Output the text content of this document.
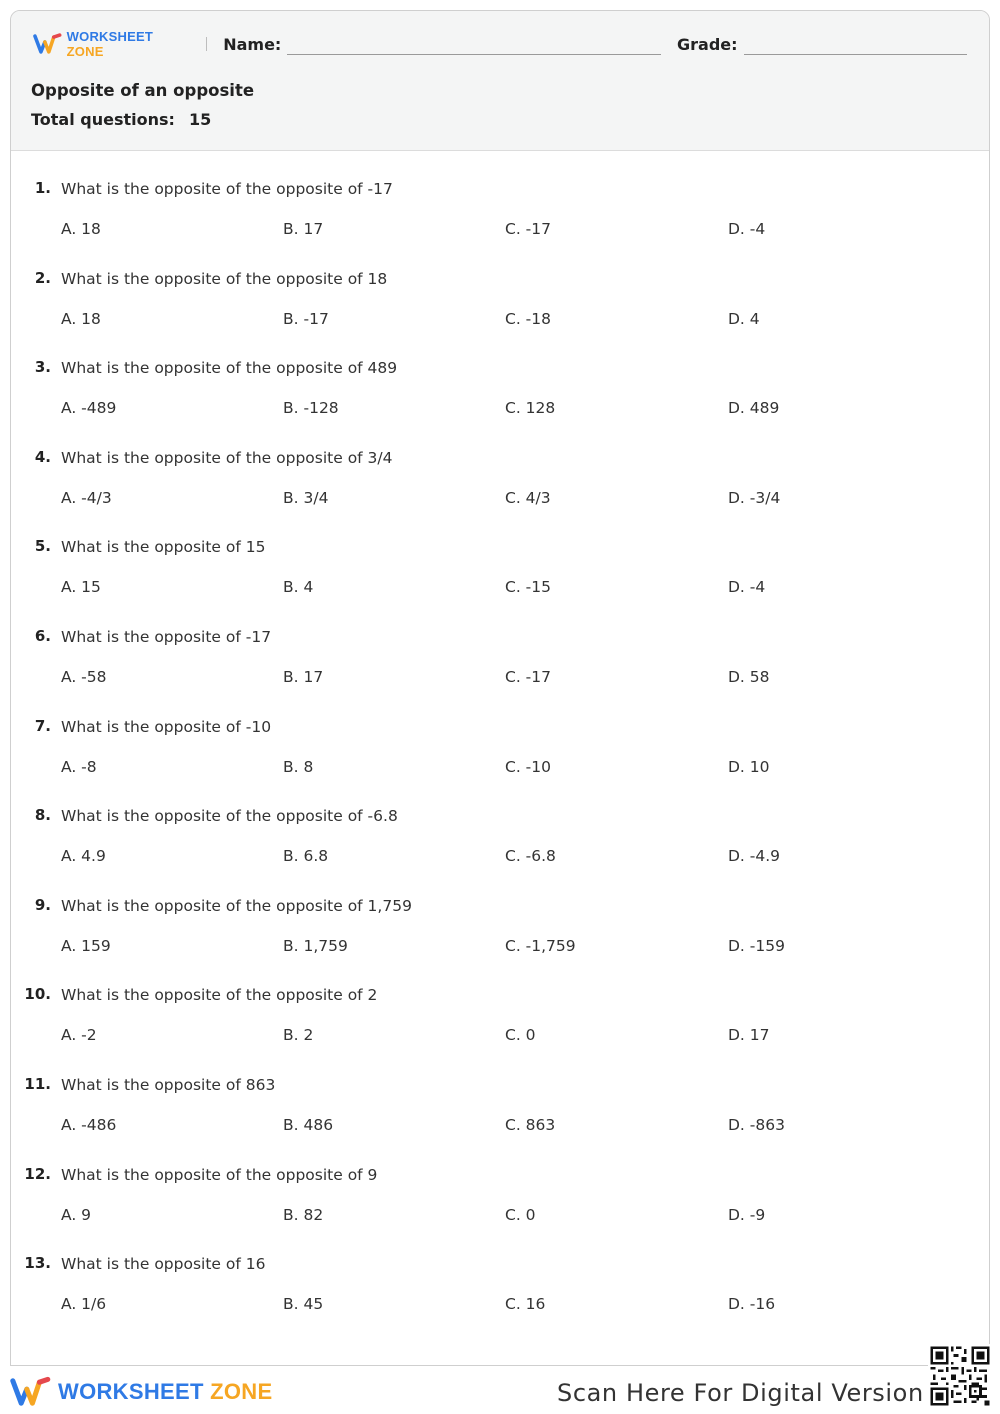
WORKSHEET ZONE	Name:	Grade:
Opposite of an opposite
Total questions: 15
1. What is the opposite of the opposite of -17
A. 18	B. 17	C. -17	D. -4
2. What is the opposite of the opposite of 18
A. 18	B. -17	C. -18	D. 4
3. What is the opposite of the opposite of 489
A. -489	B. -128	C. 128	D. 489
4. What is the opposite of the opposite of 3/4
A. -4/3	B. 3/4	C. 4/3	D. -3/4
5. What is the opposite of 15
A. 15	B. 4	C. -15	D. -4
6. What is the opposite of -17
A. -58	B. 17	C. -17	D. 58
7. What is the opposite of -10
A. -8	B. 8	C. -10	D. 10
8. What is the opposite of the opposite of -6.8
A. 4.9	B. 6.8	C. -6.8	D. -4.9
9. What is the opposite of the opposite of 1,759
A. 159	B. 1,759	C. -1,759	D. -159
10. What is the opposite of the opposite of 2
A. -2	B. 2	C. 0	D. 17
11. What is the opposite of 863
A. -486	B. 486	C. 863	D. -863
12. What is the opposite of the opposite of 9
A. 9	B. 82	C. 0	D. -9
13. What is the opposite of 16
A. 1/6	B. 45	C. 16	D. -16
WORKSHEET ZONE	Scan Here For Digital Version
